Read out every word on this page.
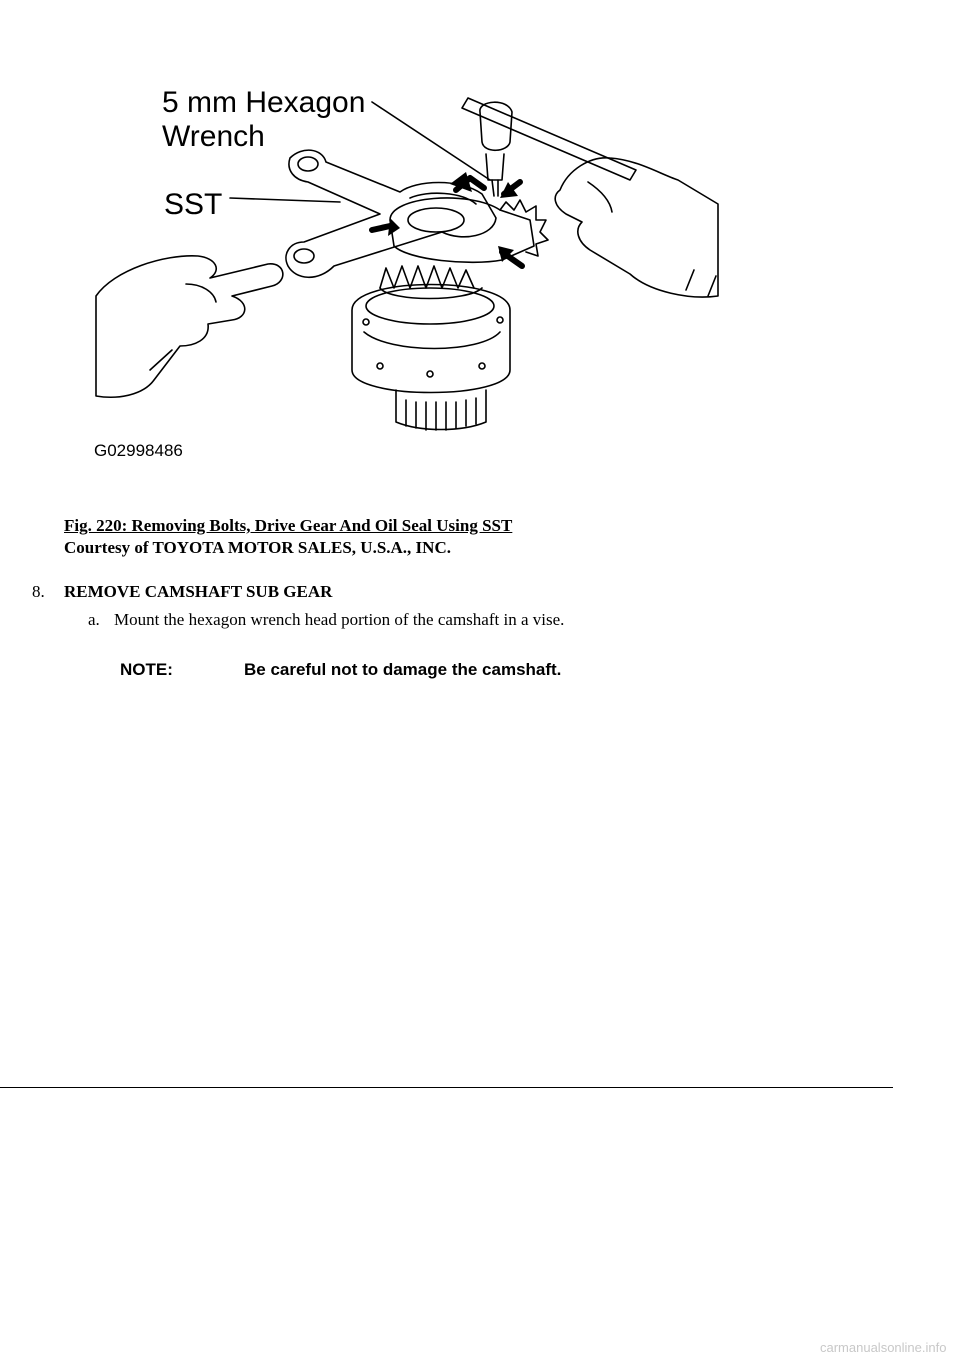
5 mm Hexagon
Wrench
SST
G02998486
Fig. 220: Removing Bolts, Drive Gear And Oil Seal Using SST
Courtesy of TOYOTA MOTOR SALES, U.S.A., INC.
8. REMOVE CAMSHAFT SUB GEAR
a. Mount the hexagon wrench head portion of the camshaft in a vise.
NOTE:	Be careful not to damage the camshaft.
carmanualsonline.info
